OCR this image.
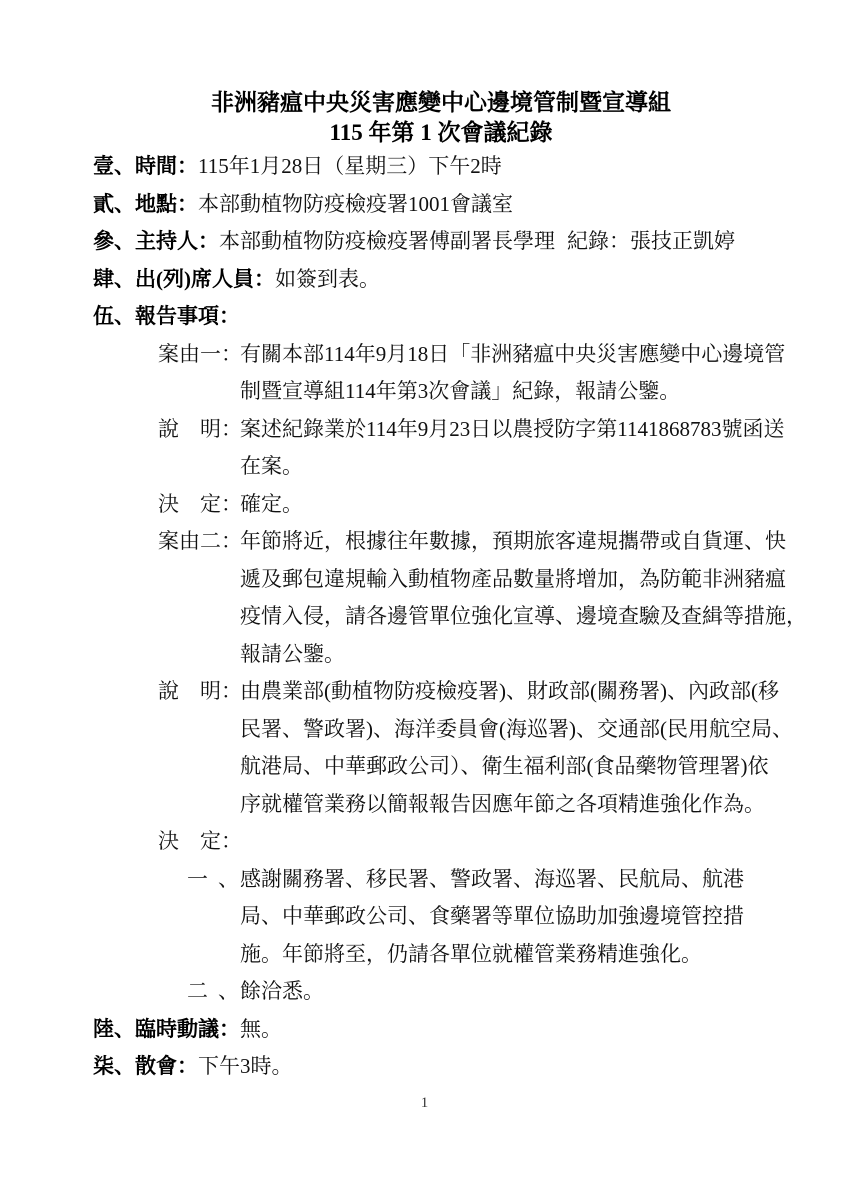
非洲豬瘟中央災害應變中心邊境管制暨宣導組
115 年第 1 次會議紀錄
壹、時間：115年1月28日（星期三）下午2時
貳、地點：本部動植物防疫檢疫署1001會議室
參、主持人：本部動植物防疫檢疫署傅副署長學理 紀錄：張技正凱婷
肆、出(列)席人員：如簽到表。
伍、報告事項：
案由一：
有關本部114年9月18日「非洲豬瘟中央災害應變中心邊境管
制暨宣導組114年第3次會議」紀錄，報請公鑒。
說　明：
案述紀錄業於114年9月23日以農授防字第1141868783號函送
在案。
決　定：
確定。
案由二：
年節將近，根據往年數據，預期旅客違規攜帶或自貨運、快
遞及郵包違規輸入動植物產品數量將增加，為防範非洲豬瘟
疫情入侵，請各邊管單位強化宣導、邊境查驗及查緝等措施，
報請公鑒。
說　明：
由農業部(動植物防疫檢疫署)、財政部(關務署)、內政部(移
民署、警政署)、海洋委員會(海巡署)、交通部(民用航空局、
航港局、中華郵政公司）、衛生福利部(食品藥物管理署)依
序就權管業務以簡報報告因應年節之各項精進強化作為。
決　定：
一、
感謝關務署、移民署、警政署、海巡署、民航局、航港
局、中華郵政公司、食藥署等單位協助加強邊境管控措
施。年節將至，仍請各單位就權管業務精進強化。
二、
餘洽悉。
陸、臨時動議：無。
柒、散會：下午3時。
1
